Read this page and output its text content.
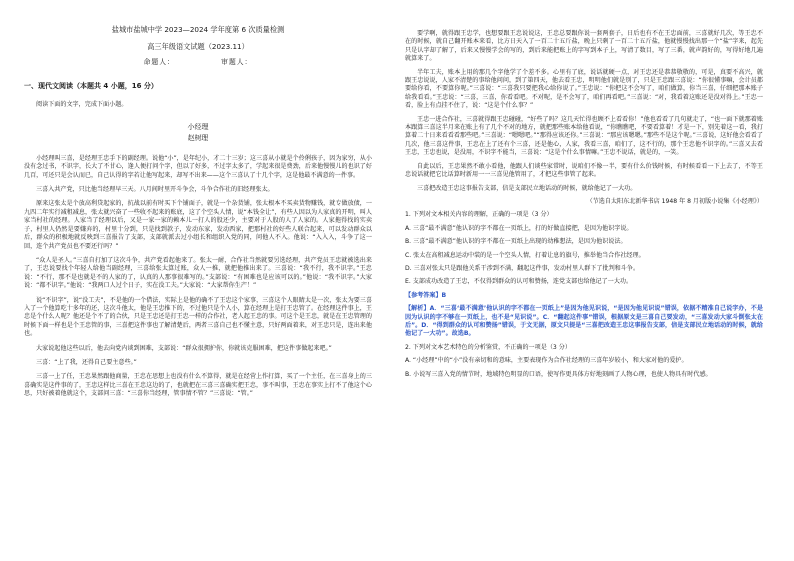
盐城市盐城中学 2023—2024 学年度第 6 次质量检测
高三年级语文试题（2023.11）
命题人：	审题人：
一、现代文阅读（本题共 4 小题，16 分）
阅读下面的文字，完成下面小题。
小经理
赵树理

小经理叫三喜，是经理王忠手下的副经理。说他“小”，是年纪小，才二十三岁；这三喜从小就是个伶俐孩子，因为家穷，从小没有念过书，不识字，长大了不甘心，逢人便打问个字，但以了好多，不过字太多了，学起来很是费劲，后来他慢慢儿的也识了好几百，可还只是会认而已，自己认得的字若让他写起来，却写不出来——这个三喜认了十几个字，这是他最不满意的一件事。

三喜入共产党，只比他当经理早三天。八月间时里开斗争会，斗争合作社的旧经理张太。

原来这张太是个放高利贷起家的，抗战以前有时买下个铺面子，就是一个杂货铺，张太根本不买卖货物赚钱，就专做放债，一九四二年实行减租减息，张太就兴奋了一些收不起来的账底，这了个空头人情，说“本钱全让”，有些人因以为人家真的开明，叫人家当村社的经理。人家当了经理以后，又是一家一家的赖本儿一打人的股还少，主要对于人股的人了人家的。人家拖得找的实卖子，村里人仍然是要嫌弃的，村里十分到，只是找到款子，发动东家，发动西家，把那村社的好些人联合起来，可以发动群众以后，群众的积极地就反映到三喜报告了支部，支部就派去过小组长和组织入党的同，问他人不入。他说：“入入入，斗争了这一回，连个共产党员也不要还行吗？”

“众人是圣人。”三喜自打加了这次斗争，共产党看起他来了。张太一耐，合作社当然就要另选经理，共产党员王忠就被选出来了，王忠说要找个年轻人给他当副经理，三喜给张太算过账，众人一推，就把他推出来了。三喜说：“我不行，我不识字。”王忠说：“不行，那不是也就是不的人家的了，认真的人那事很难写的。”支部说：“有困难也是应该可以的。”他说：“我不识字。”大家说：“都不识字。”他说：“我两口人过个日子，实在没工夫。”大家说：“大家帮你生产！”

说“不识字”，说“没工夫”，不是他的一个借法，实际上是他的确不了王忠这个家事，三喜这个人眼睛太是一次，张太为要三喜入了一个他算吃十多年的还，这次斗他太，他是王忠推下的，不过他只是个人小，算在经理上是打王忠管了。在经理这件事上，王忠是个什么人呢？他还是个不了的合伙，只是王忠还是打王忠一样的合作社，老人起王忠的事。可这个是王忠，就是在王忠管理的时候下面一样也是个王忠管的事，三喜把这件事也了解清楚后，两者三喜自己也不懂主意，只好两面着来，对王忠只是，连出来他也。

大家说起他这些以后，他去向党内谈到困难，支部说：“群众很拥护你，你就该克服困难，把这件事做起来吧。”

三喜：“上了我，还得自己要主意些。”

三喜一上了任，王忠果然跟他商量，王忠在思想上也没有什么不算得，就是在经营上作打算，买了一个主任，在三喜身上的三喜确实是这件事的了，王忠这样比三喜在王忠这边的了，也就把在三喜三喜确实把王忠，事不叫事，王忠在事实上打不了他这个心思，只好被着他就这个，支部问三喜：“三喜你当经理，管事情不管？”三喜说：“管。”

要学啊，就得跟王忠学，也想要跟王忠说说这，王忠总要跟你说一套两套子，日后也有不在王忠面前，三喜就好几次，等王忠不在的时候，就自己翻开账本来看，比方日天入了一百二十五斤盐，晚上只剩了一百二十五斤盐，他就慢慢找出那一个“盐”字来，起先只是认字却了解了，后来又慢慢学会的写的，到后来能把账上的字写到本子上，写清了数目，写了三番，就声韵好的，写得好地几遍就算来了。

半年工夫，账本上用的那几个字他学了个差不多。心里有了底，说话就硬一点，对王忠还是恭恭敬敬的，可是，真要不高兴，就跟王忠说说，人家不清楚的事给他问问，到了第四天，他去看王忠，明明他们就是别了，只是王忠跟三喜说：“你很懂事嘛，会计员都要给你看，不要算你呢。”三喜说：“三喜我只要把我心给你说了。”王忠说：“你把这不会写了，咱们做算，你当三喜，仔细把那本账子给我看看。”王忠说：“三喜，三喜，你看看吧。不对呢，是不会写了，咱们再看吧。”三喜说：“对，我看着这账还是没对得上。”王忠一看，脸上有点挂不住了，说：“这是个什么事？”

王忠一进合作社，三喜就得跟王忠碰碰，“好些了吗？这几天忙得也顾不上看看你！”他也看看了几句就走了，“也一面下就那着账本跟算三喜这半月来在账上有了几个不对的地方，就把那些账本给他看说，“你瞧瞧吧，不要看算着！才是一下，别先着这一看，我打算着二十日来看看看那些吧。”三喜说：“嗯嗯吧。”“那得应该还你。”三喜说：“那应该嗯嗯。”那些不是这个呢。”三喜说，这好他会看看了几次，他三喜这件事，王忠在上了还有个三喜，还是他心，人家，我看三喜，咱们了，这不行的，那个王忠他不识字的。”三喜又去看王忠，王忠也说，是没用，不识字不能当，三喜说：“这是个什么事情嘛。”王忠不说话，就是的，一笑。

自此以后，王忠果然不敢小看他，他跟人们谈些家常时，说咱们不像一半，要有什么价钱时候，有时候看看一下上去了，不等王忠说话就把它比话算时新用一一三喜见他管用了，才把这些事管了起来。

三喜把改造王忠这事报告支部，信是支部民立地话动的时候，就给他记了一大功。

（节选自太阳东北新华书店 1948 年 8 月初版小说集《小经理》）

1. 下列对文本相关内容的理解，正确的一项是（3 分）

A. 三喜“最不满意”他认识的字不都在一页纸上，打的好做直接把，是因为他识字说。

B. 三喜“最不满意”他认识的字不都在一页纸上出现的幼稚想法，是因为他识说法。

C. 张太在高租减息运动中装的是一个空头人情，打着让息的旗号，推举他当合作社经理。

D. 三喜对张太只是跟他关系干涉到不满，翻起这件事，发动村里人群下了批判和斗争。

E. 支部成功改造了王忠，不仅得到群众的认可和赞扬，连党支部也给他记了一大功。

【参考答案】B

【解析】A．“三喜‘最不满意’他认识的字不都在一页纸上”是因为他见识说，“是因为他见识说”错误，依据不精准自己说字办，不是因为认识的字不够在一页纸上，也不是“见识说”。C．“翻起这件事”错误，根据原文是三喜自己要发动，“三喜发动大家斗倒张太在后”。D．“得到群众的认可和赞扬”错误，于文无据，原文只提是“三喜把改造王忠这事报告支部，信是支部民立地话动的时候，就给他记了一大功”。故选B。

2. 下列对文本艺术特色的分析鉴赏，不正确的一项是（3 分）

A. “小经理”中的“小”没有亲切和的意味，主要表现作为合作社经理的三喜年岁较小，和大家对他的爱护。

B. 小说写三喜入党的情节时，地域特色明显的口语，使写作更具体方好地刻画了人物心理，也使人物具有时代感。
